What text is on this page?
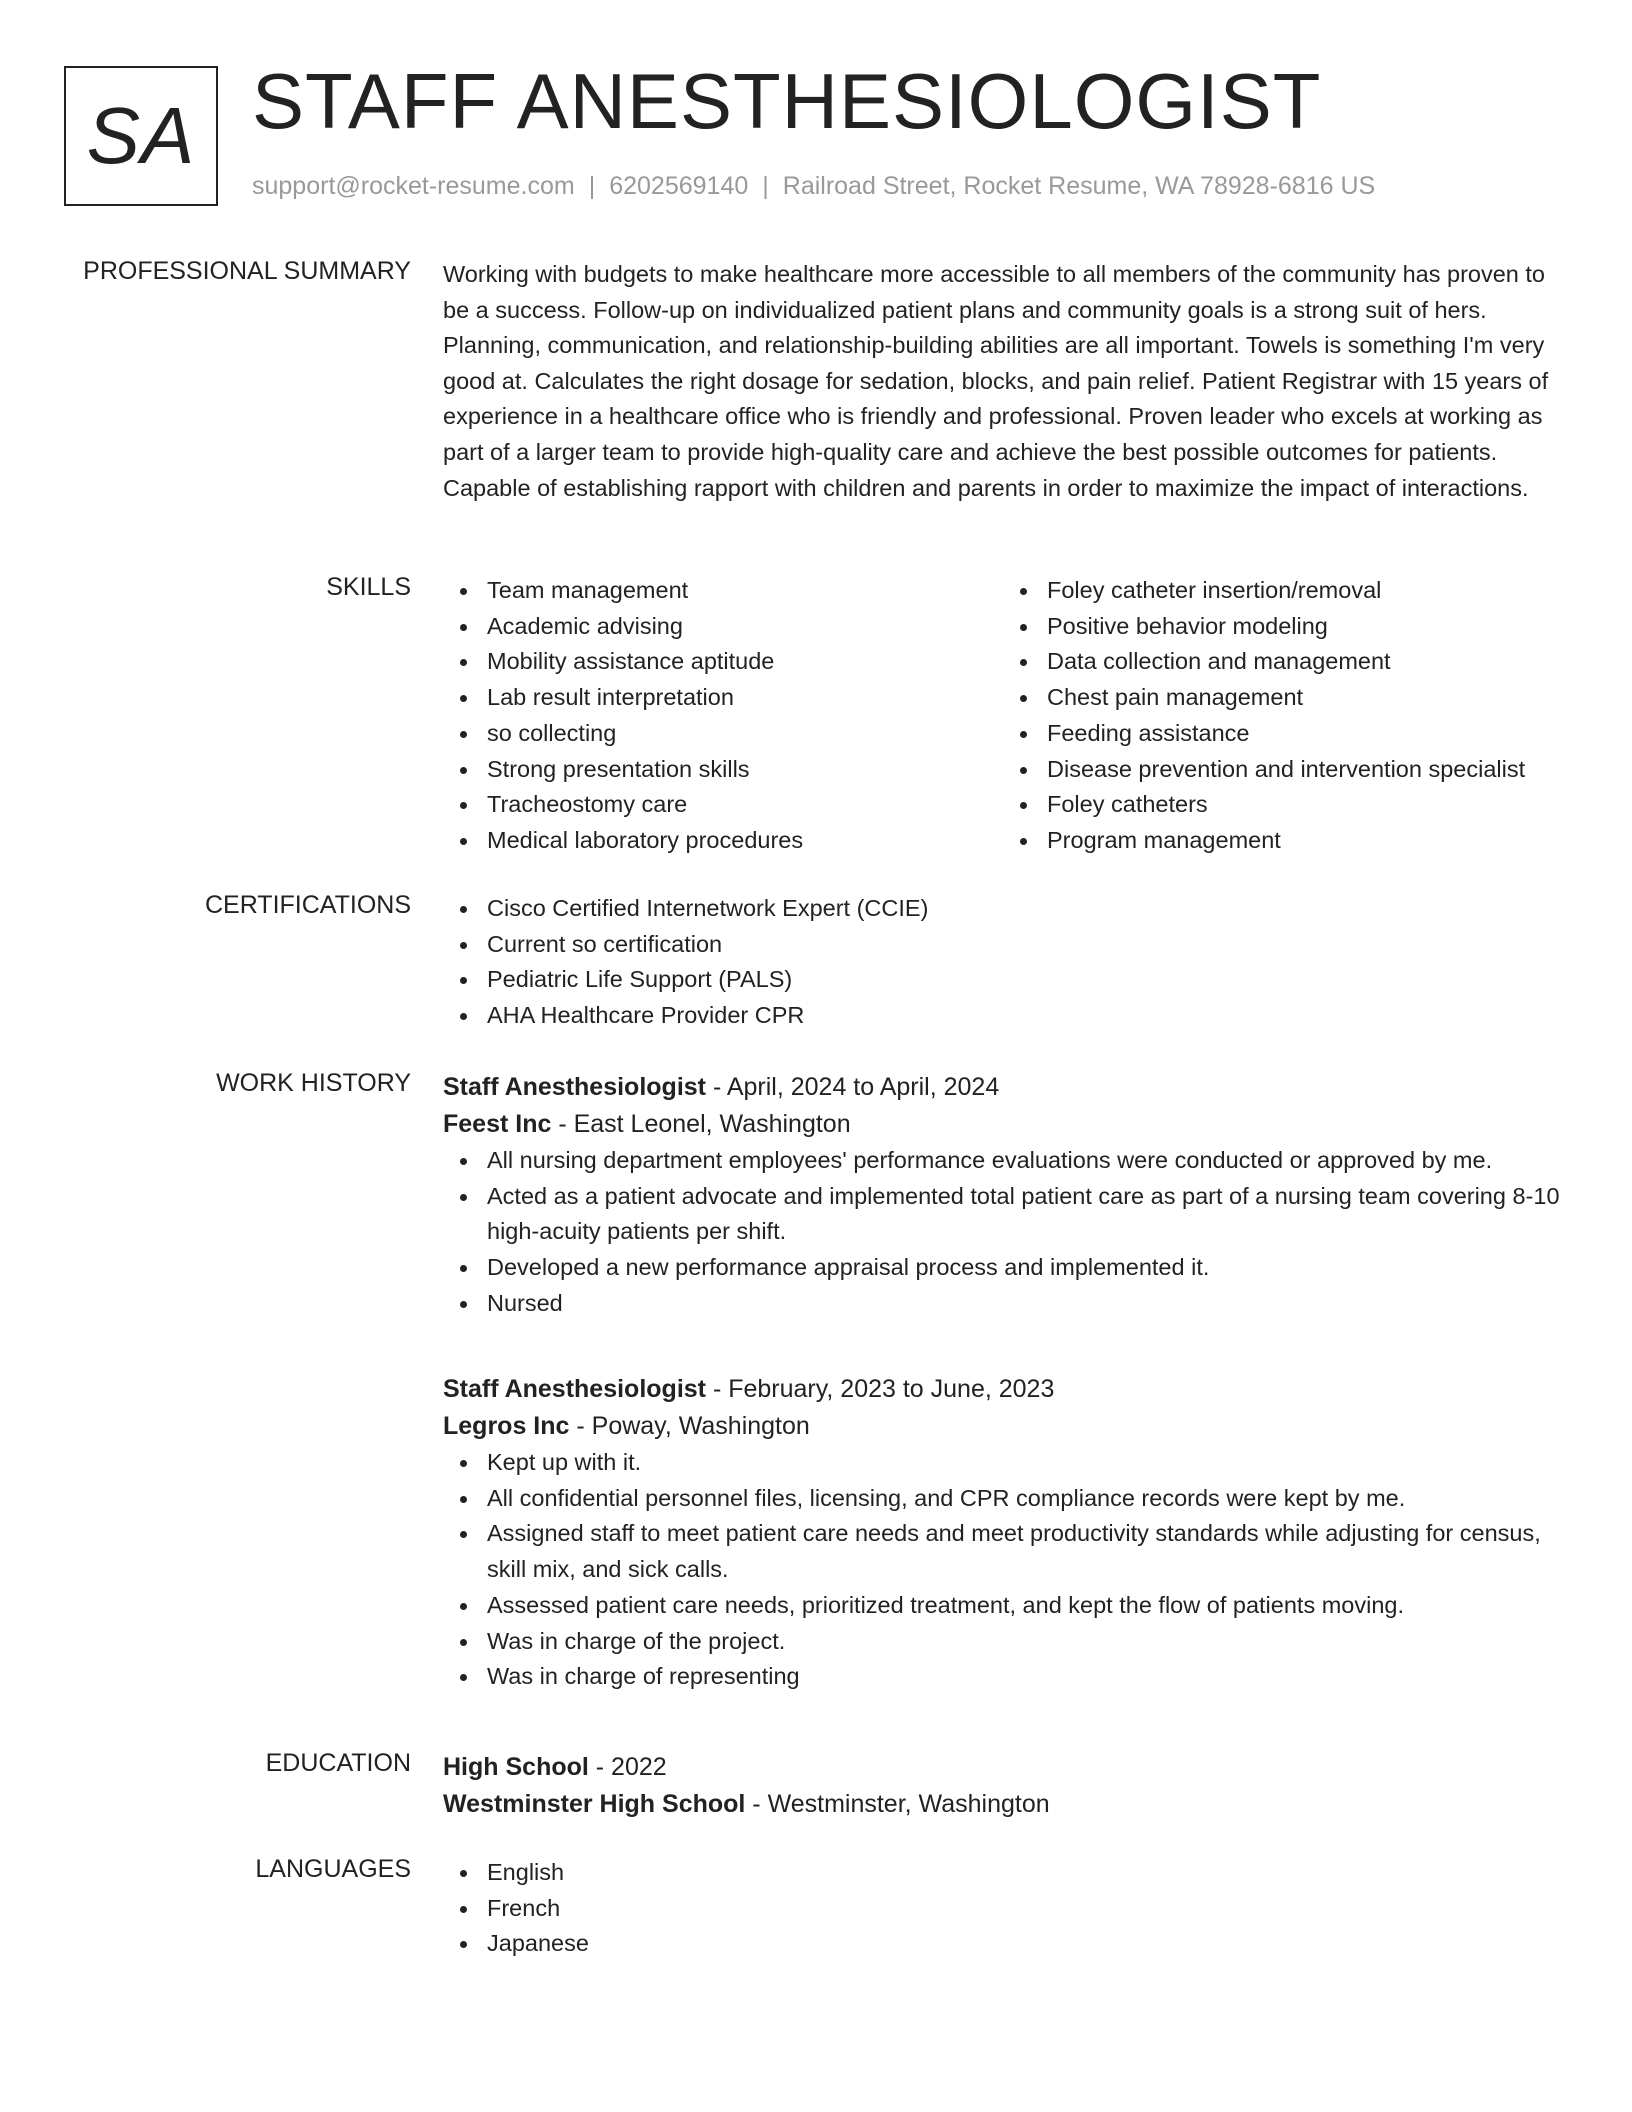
SA STAFF ANESTHESIOLOGIST
support@rocket-resume.com | 6202569140 | Railroad Street, Rocket Resume, WA 78928-6816 US
PROFESSIONAL SUMMARY Working with budgets to make healthcare more accessible to all members of the community has proven to be a success. Follow-up on individualized patient plans and community goals is a strong suit of hers. Planning, communication, and relationship-building abilities are all important. Towels is something I'm very good at. Calculates the right dosage for sedation, blocks, and pain relief. Patient Registrar with 15 years of experience in a healthcare office who is friendly and professional. Proven leader who excels at working as part of a larger team to provide high-quality care and achieve the best possible outcomes for patients. Capable of establishing rapport with children and parents in order to maximize the impact of interactions.

SKILLS	Team management
Academic advising
Mobility assistance aptitude
Lab result interpretation
so collecting
Strong presentation skills
Tracheostomy care
Medical laboratory procedures
Foley catheter insertion/removal
Positive behavior modeling
Data collection and management
Chest pain management
Feeding assistance
Disease prevention and intervention specialist
Foley catheters
Program management
CERTIFICATIONS	Cisco Certified Internetwork Expert (CCIE)
Current so certification
Pediatric Life Support (PALS)
AHA Healthcare Provider CPR
WORK HISTORY Staff Anesthesiologist - April, 2024 to April, 2024
Feest Inc - East Leonel, Washington
All nursing department employees' performance evaluations were conducted or approved by me.
Acted as a patient advocate and implemented total patient care as part of a nursing team covering 8-10 high-acuity patients per shift.
Developed a new performance appraisal process and implemented it.
Nursed
Staff Anesthesiologist - February, 2023 to June, 2023
Legros Inc - Poway, Washington
Kept up with it.
All confidential personnel files, licensing, and CPR compliance records were kept by me.
Assigned staff to meet patient care needs and meet productivity standards while adjusting for census, skill mix, and sick calls.
Assessed patient care needs, prioritized treatment, and kept the flow of patients moving.
Was in charge of the project.
Was in charge of representing
EDUCATION High School - 2022
Westminster High School - Westminster, Washington
LANGUAGES	English
French
Japanese
